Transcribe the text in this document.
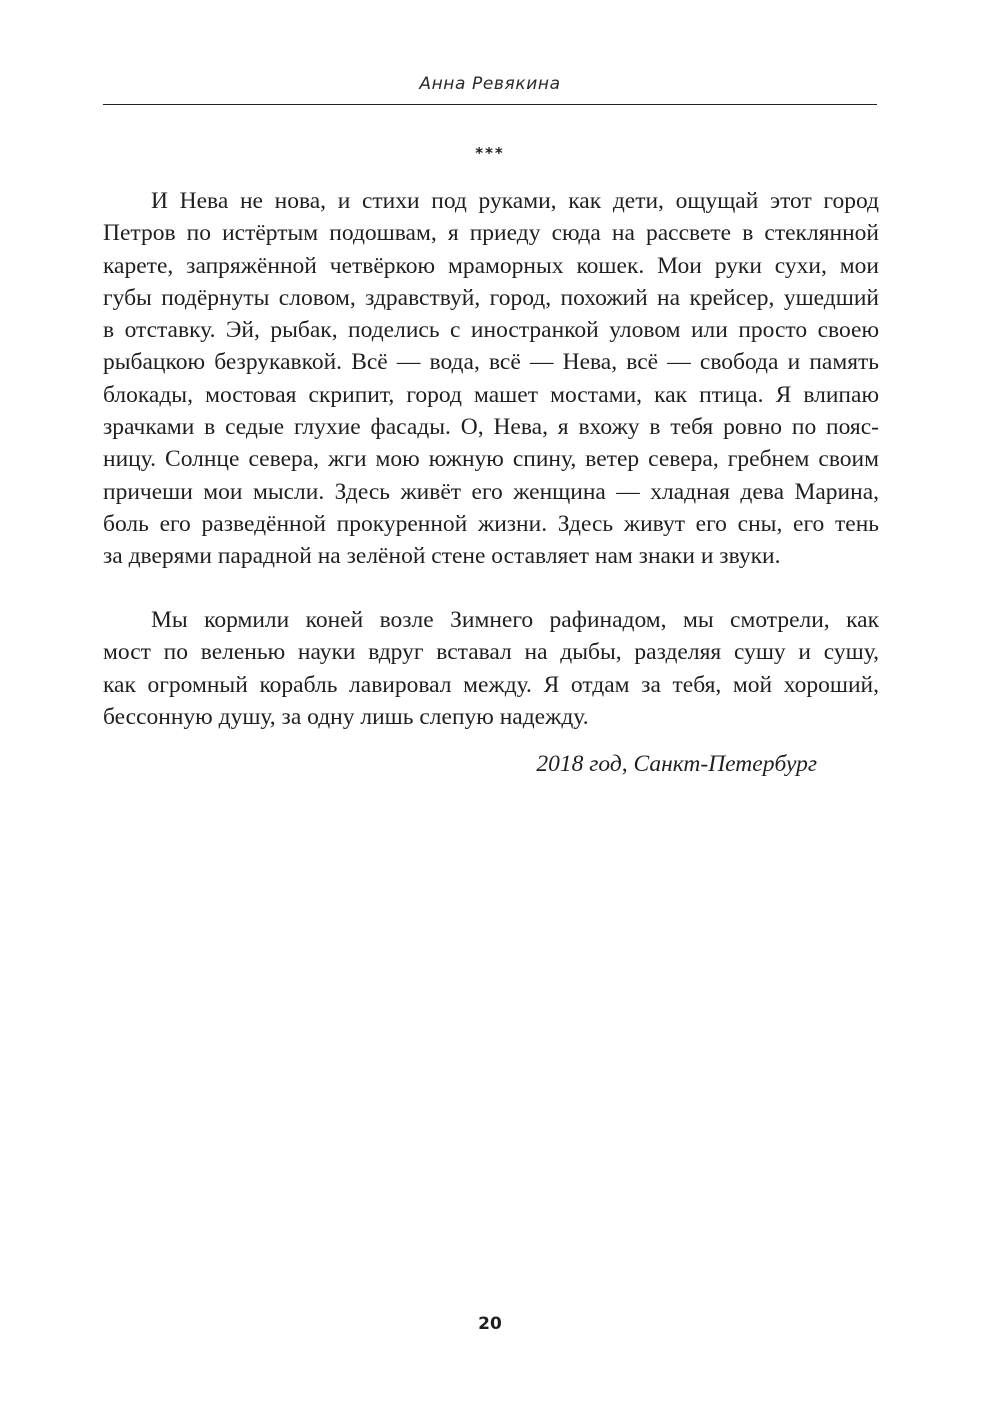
Анна Ревякина
***
И Нева не нова, и стихи под руками, как дети, ощущай этот город
Петров по истёртым подошвам, я приеду сюда на рассвете в стеклянной
карете, запряжённой четвёркою мраморных кошек. Мои руки сухи, мои
губы подёрнуты словом, здравствуй, город, похожий на крейсер, ушедший
в отставку. Эй, рыбак, поделись с иностранкой уловом или просто своею
рыбацкою безрукавкой. Всё — вода, всё — Нева, всё — свобода и память
блокады, мостовая скрипит, город машет мостами, как птица. Я влипаю
зрачками в седые глухие фасады. О, Нева, я вхожу в тебя ровно по пояс-
ницу. Солнце севера, жги мою южную спину, ветер севера, гребнем своим
причеши мои мысли. Здесь живёт его женщина — хладная дева Марина,
боль его разведённой прокуренной жизни. Здесь живут его сны, его тень
за дверями парадной на зелёной стене оставляет нам знаки и звуки.
Мы кормили коней возле Зимнего рафинадом, мы смотрели, как
мост по веленью науки вдруг вставал на дыбы, разделяя сушу и сушу,
как огромный корабль лавировал между. Я отдам за тебя, мой хороший,
бессонную душу, за одну лишь слепую надежду.
2018 год, Санкт-Петербург
20
